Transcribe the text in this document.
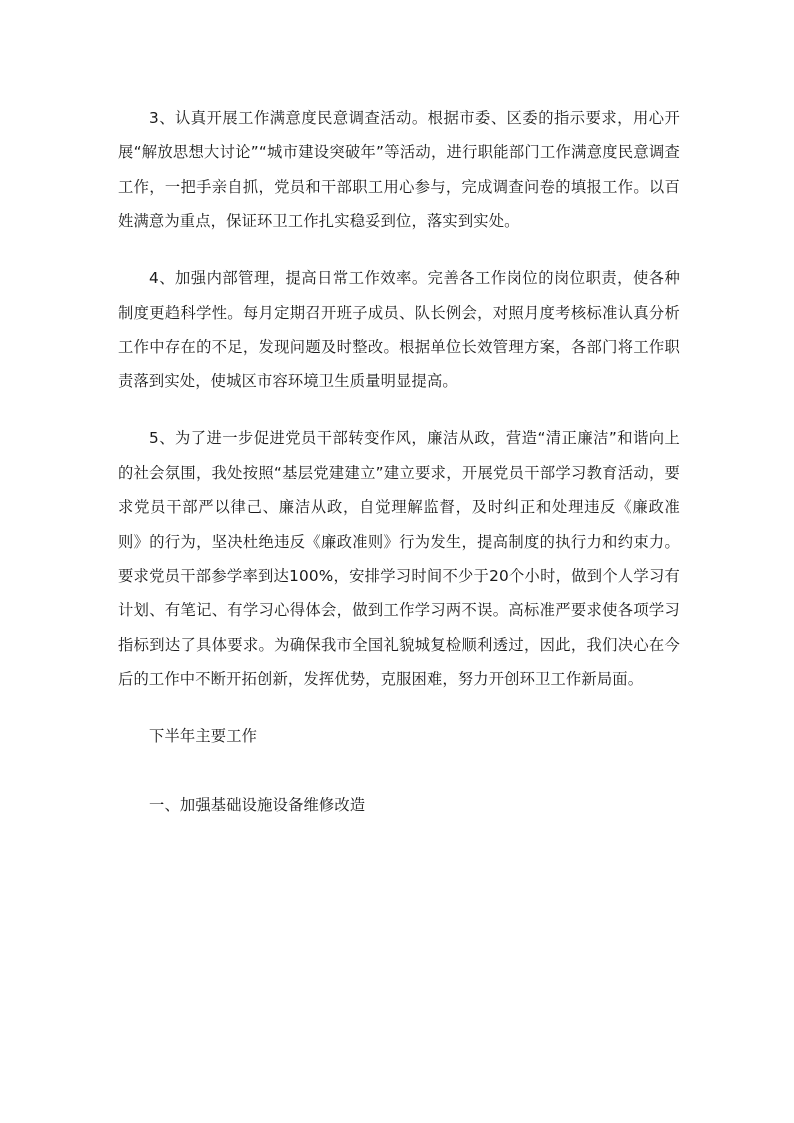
3、认真开展工作满意度民意调查活动。根据市委、区委的指示要求，用心开展“解放思想大讨论”“城市建设突破年”等活动，进行职能部门工作满意度民意调查工作，一把手亲自抓，党员和干部职工用心参与，完成调查问卷的填报工作。以百姓满意为重点，保证环卫工作扎实稳妥到位，落实到实处。

4、加强内部管理，提高日常工作效率。完善各工作岗位的岗位职责，使各种制度更趋科学性。每月定期召开班子成员、队长例会，对照月度考核标准认真分析工作中存在的不足，发现问题及时整改。根据单位长效管理方案，各部门将工作职责落到实处，使城区市容环境卫生质量明显提高。

5、为了进一步促进党员干部转变作风，廉洁从政，营造“清正廉洁”和谐向上的社会氛围，我处按照“基层党建建立”建立要求，开展党员干部学习教育活动，要求党员干部严以律己、廉洁从政，自觉理解监督，及时纠正和处理违反《廉政准则》的行为，坚决杜绝违反《廉政准则》行为发生，提高制度的执行力和约束力。要求党员干部参学率到达100%，安排学习时间不少于20个小时，做到个人学习有计划、有笔记、有学习心得体会，做到工作学习两不误。高标准严要求使各项学习指标到达了具体要求。为确保我市全国礼貌城复检顺利透过，因此，我们决心在今后的工作中不断开拓创新，发挥优势，克服困难，努力开创环卫工作新局面。

下半年主要工作

一、加强基础设施设备维修改造
